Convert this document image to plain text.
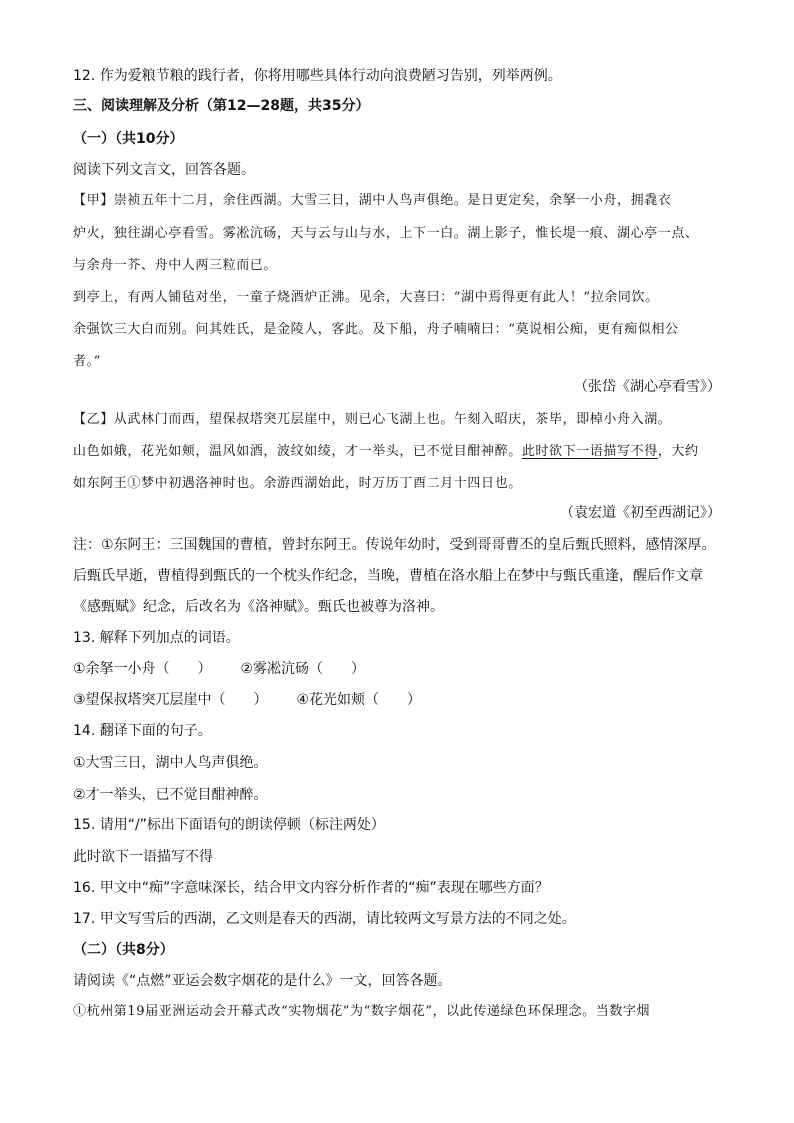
12. 作为爱粮节粮的践行者，你将用哪些具体行动向浪费陋习告别，列举两例。
三、阅读理解及分析（第12—28题，共35分）
（一）（共10分）
阅读下列文言文，回答各题。
【甲】崇祯五年十二月，余住西湖。大雪三日，湖中人鸟声俱绝。是日更定矣，余拏一小舟，拥毳衣
炉火，独往湖心亭看雪。雾凇沆砀，天与云与山与水，上下一白。湖上影子，惟长堤一痕、湖心亭一点、
与余舟一芥、舟中人两三粒而已。
到亭上，有两人铺毡对坐，一童子烧酒炉正沸。见余，大喜曰：“湖中焉得更有此人！”拉余同饮。
余强饮三大白而别。问其姓氏，是金陵人，客此。及下船，舟子喃喃曰：“莫说相公痴，更有痴似相公
者。”
（张岱《湖心亭看雪》）
【乙】从武林门而西，望保叔塔突兀层崖中，则已心飞湖上也。午刻入昭庆，茶毕，即棹小舟入湖。
山色如娥，花光如颊，温风如酒，波纹如绫，才一举头，已不觉目酣神醉。此时欲下一语描写不得，大约
如东阿王①梦中初遇洛神时也。余游西湖始此，时万历丁酉二月十四日也。
（袁宏道《初至西湖记》）
注：①东阿王：三国魏国的曹植，曾封东阿王。传说年幼时，受到哥哥曹丕的皇后甄氏照料，感情深厚。
后甄氏早逝，曹植得到甄氏的一个枕头作纪念，当晚，曹植在洛水船上在梦中与甄氏重逢，醒后作文章
《感甄赋》纪念，后改名为《洛神赋》。甄氏也被尊为洛神。
13. 解释下列加点的词语。
①余拏一小舟（　　） ②雾凇沆砀（　　）
③望保叔塔突兀层崖中（　　） ④花光如颊（　　）
14. 翻译下面的句子。
①大雪三日，湖中人鸟声俱绝。
②才一举头，已不觉目酣神醉。
15. 请用“/”标出下面语句的朗读停顿（标注两处）
此时欲下一语描写不得
16. 甲文中“痴”字意味深长，结合甲文内容分析作者的“痴”表现在哪些方面？
17. 甲文写雪后的西湖，乙文则是春天的西湖，请比较两文写景方法的不同之处。
（二）（共8分）
请阅读《“点燃”亚运会数字烟花的是什么》一文，回答各题。
①杭州第19届亚洲运动会开幕式改“实物烟花”为“数字烟花”，以此传递绿色环保理念。当数字烟
